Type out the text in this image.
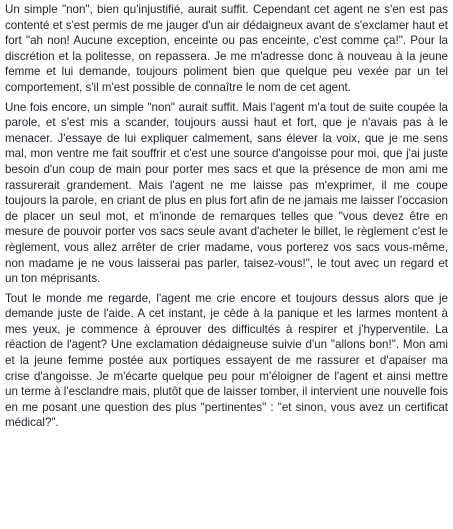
Un simple "non", bien qu'injustifié, aurait suffit. Cependant cet agent ne s'en est pas contenté et s'est permis de me jauger d'un air dédaigneux avant de s'exclamer haut et fort "ah non! Aucune exception, enceinte ou pas enceinte, c'est comme ça!". Pour la discrétion et la politesse, on repassera. Je me m'adresse donc à nouveau à la jeune femme et lui demande, toujours poliment bien que quelque peu vexée par un tel comportement, s'il m'est possible de connaître le nom de cet agent.

Une fois encore, un simple "non" aurait suffit. Mais l'agent m'a tout de suite coupée la parole, et s'est mis a scander, toujours aussi haut et fort, que je n'avais pas à le menacer. J'essaye de lui expliquer calmement, sans élever la voix, que je me sens mal, mon ventre me fait souffrir et c'est une source d'angoisse pour moi, que j'ai juste besoin d'un coup de main pour porter mes sacs et que la présence de mon ami me rassurerait grandement. Mais l'agent ne me laisse pas m'exprimer, il me coupe toujours la parole, en criant de plus en plus fort afin de ne jamais me laisser l'occasion de placer un seul mot, et m'inonde de remarques telles que "vous devez être en mesure de pouvoir porter vos sacs seule avant d'acheter le billet, le règlement c'est le règlement, vous allez arrêter de crier madame, vous porterez vos sacs vous-même, non madame je ne vous laisserai pas parler, taisez-vous!", le tout avec un regard et un ton méprisants.

Tout le monde me regarde, l'agent me crie encore et toujours dessus alors que je demande juste de l'aide. A cet instant, je cède à la panique et les larmes montent à mes yeux, je commence à éprouver des difficultés à respirer et j'hyperventile. La réaction de l'agent? Une exclamation dédaigneuse suivie d'un "allons bon!". Mon ami et la jeune femme postée aux portiques essayent de me rassurer et d'apaiser ma crise d'angoisse. Je m'écarte quelque peu pour m'éloigner de l'agent et ainsi mettre un terme à l'esclandre mais, plutôt que de laisser tomber, il intervient une nouvelle fois en me posant une question des plus "pertinentes" : "et sinon, vous avez un certificat médical?".
